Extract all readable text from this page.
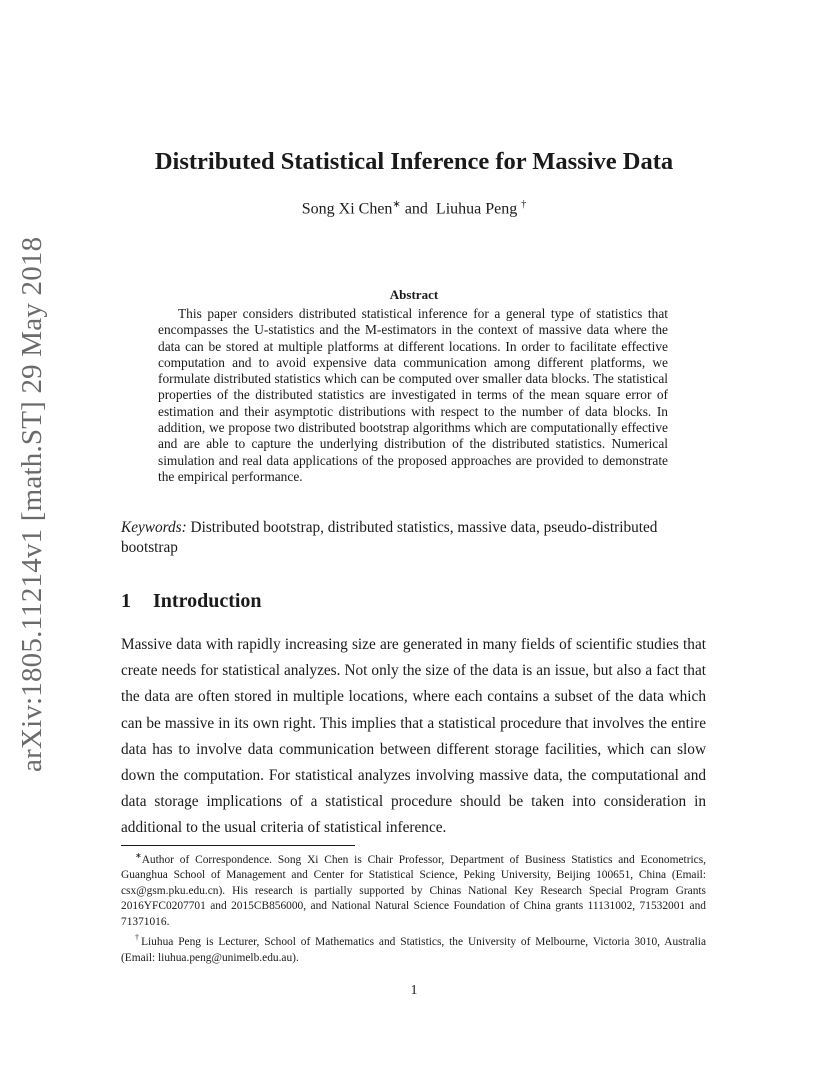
arXiv:1805.11214v1 [math.ST] 29 May 2018
Distributed Statistical Inference for Massive Data
Song Xi Chen∗ and Liuhua Peng †
Abstract
This paper considers distributed statistical inference for a general type of statistics that encompasses the U-statistics and the M-estimators in the context of massive data where the data can be stored at multiple platforms at different locations. In order to facilitate effective computation and to avoid expensive data communication among different platforms, we formulate distributed statistics which can be computed over smaller data blocks. The statistical properties of the distributed statistics are investigated in terms of the mean square error of estimation and their asymptotic distributions with respect to the number of data blocks. In addition, we propose two distributed bootstrap algorithms which are computationally effective and are able to capture the underlying distribution of the distributed statistics. Numerical simulation and real data applications of the proposed approaches are provided to demonstrate the empirical performance.
Keywords: Distributed bootstrap, distributed statistics, massive data, pseudo-distributed bootstrap
1 Introduction
Massive data with rapidly increasing size are generated in many fields of scientific studies that create needs for statistical analyzes. Not only the size of the data is an issue, but also a fact that the data are often stored in multiple locations, where each contains a subset of the data which can be massive in its own right. This implies that a statistical procedure that involves the entire data has to involve data communication between different storage facilities, which can slow down the computation. For statistical analyzes involving massive data, the computational and data storage implications of a statistical procedure should be taken into consideration in additional to the usual criteria of statistical inference.

∗Author of Correspondence. Song Xi Chen is Chair Professor, Department of Business Statistics and Econometrics, Guanghua School of Management and Center for Statistical Science, Peking University, Beijing 100651, China (Email: csx@gsm.pku.edu.cn). His research is partially supported by Chinas National Key Research Special Program Grants 2016YFC0207701 and 2015CB856000, and National Natural Science Foundation of China grants 11131002, 71532001 and 71371016.

†Liuhua Peng is Lecturer, School of Mathematics and Statistics, the University of Melbourne, Victoria 3010, Australia (Email: liuhua.peng@unimelb.edu.au).

1
